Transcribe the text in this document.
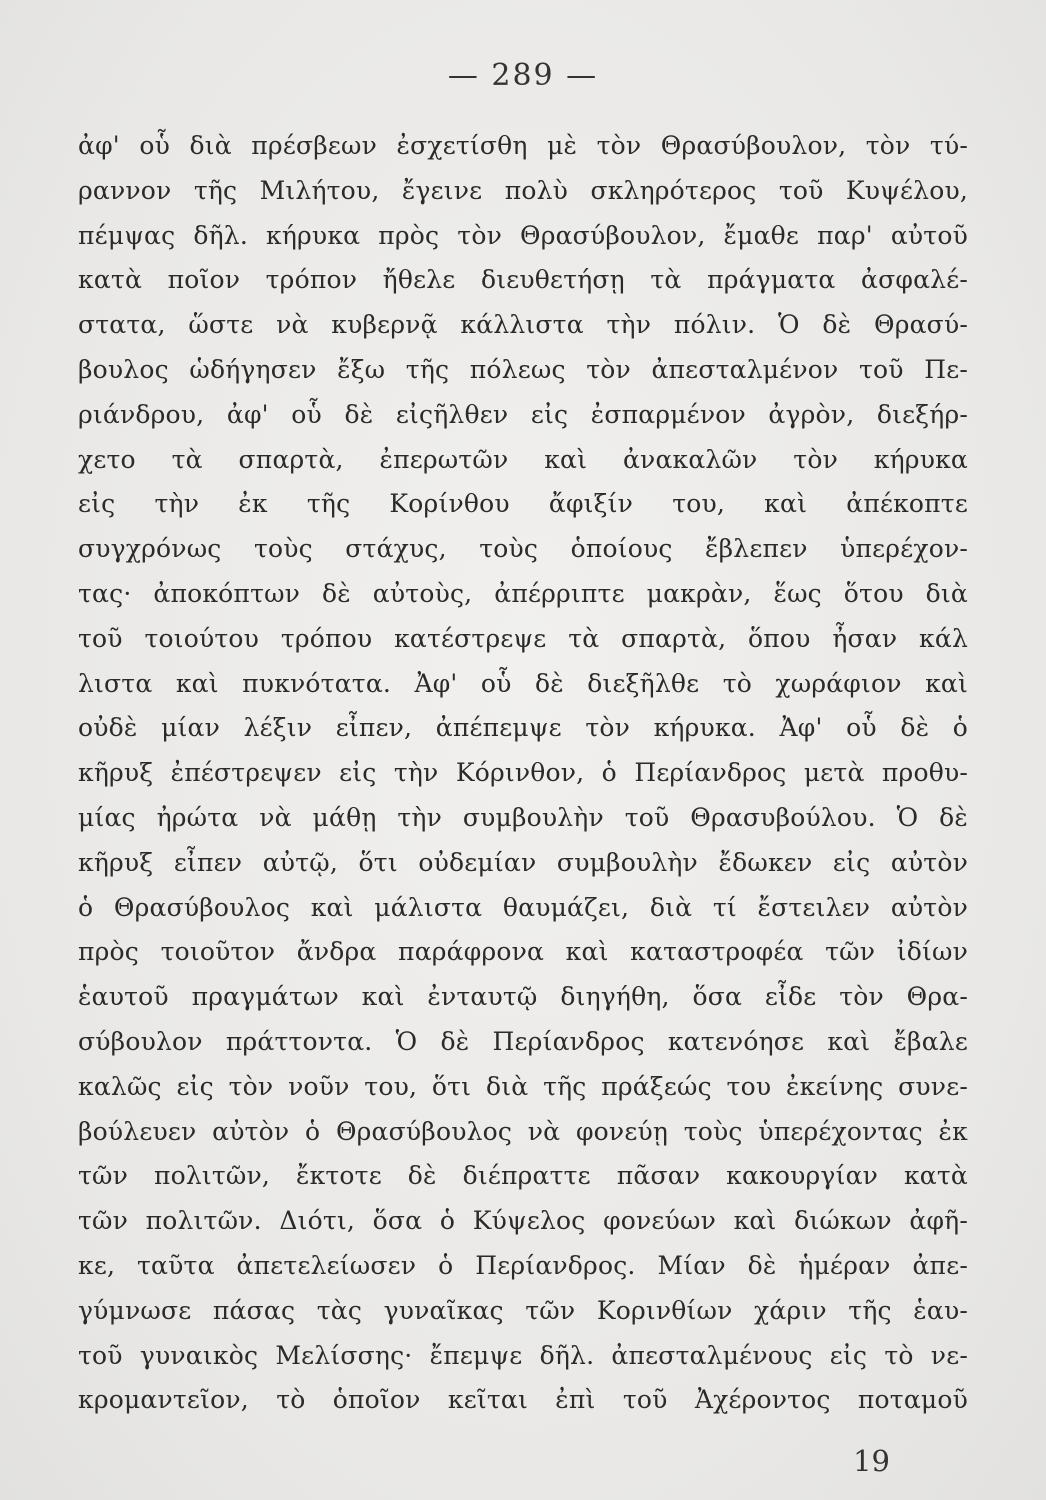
— 289 —
ἀφ' οὗ διὰ πρέσβεων ἐσχετίσθη μὲ τὸν Θρασύβουλον, τὸν τύ-
ραννον τῆς Μιλήτου, ἔγεινε πολὺ σκληρότερος τοῦ Κυψέλου,
πέμψας δῆλ. κήρυκα πρὸς τὸν Θρασύβουλον, ἔμαθε παρ' αὐτοῦ
κατὰ ποῖον τρόπον ἤθελε διευθετήσῃ τὰ πράγματα ἀσφαλέ-
στατα, ὥστε νὰ κυβερνᾷ κάλλιστα τὴν πόλιν. Ὁ δὲ Θρασύ-
βουλος ὡδήγησεν ἔξω τῆς πόλεως τὸν ἀπεσταλμένον τοῦ Πε-
ριάνδρου, ἀφ' οὗ δὲ εἰςῆλθεν εἰς ἐσπαρμένον ἀγρὸν, διεξήρ-
χετο τὰ σπαρτὰ, ἐπερωτῶν καὶ ἀνακαλῶν τὸν κήρυκα
εἰς τὴν ἐκ τῆς Κορίνθου ἄφιξίν του, καὶ ἀπέκοπτε
συγχρόνως τοὺς στάχυς, τοὺς ὁποίους ἔβλεπεν ὑπερέχον-
τας· ἀποκόπτων δὲ αὐτοὺς, ἀπέρριπτε μακρὰν, ἕως ὅτου διὰ
τοῦ τοιούτου τρόπου κατέστρεψε τὰ σπαρτὰ, ὅπου ἦσαν κάλ
λιστα καὶ πυκνότατα. Ἀφ' οὗ δὲ διεξῆλθε τὸ χωράφιον καὶ
οὐδὲ μίαν λέξιν εἶπεν, ἀπέπεμψε τὸν κήρυκα. Ἀφ' οὗ δὲ ὁ
κῆρυξ ἐπέστρεψεν εἰς τὴν Κόρινθον, ὁ Περίανδρος μετὰ προθυ-
μίας ἠρώτα νὰ μάθῃ τὴν συμβουλὴν τοῦ Θρασυβούλου. Ὁ δὲ
κῆρυξ εἶπεν αὐτῷ, ὅτι οὐδεμίαν συμβουλὴν ἔδωκεν εἰς αὐτὸν
ὁ Θρασύβουλος καὶ μάλιστα θαυμάζει, διὰ τί ἔστειλεν αὐτὸν
πρὸς τοιοῦτον ἄνδρα παράφρονα καὶ καταστροφέα τῶν ἰδίων
ἑαυτοῦ πραγμάτων καὶ ἐνταυτῷ διηγήθη, ὅσα εἶδε τὸν Θρα-
σύβουλον πράττοντα. Ὁ δὲ Περίανδρος κατενόησε καὶ ἔβαλε
καλῶς εἰς τὸν νοῦν του, ὅτι διὰ τῆς πράξεώς του ἐκείνης συνε-
βούλευεν αὐτὸν ὁ Θρασύβουλος νὰ φονεύῃ τοὺς ὑπερέχοντας ἐκ
τῶν πολιτῶν, ἔκτοτε δὲ διέπραττε πᾶσαν κακουργίαν κατὰ
τῶν πολιτῶν. Διότι, ὅσα ὁ Κύψελος φονεύων καὶ διώκων ἀφῆ-
κε, ταῦτα ἀπετελείωσεν ὁ Περίανδρος. Μίαν δὲ ἡμέραν ἀπε-
γύμνωσε πάσας τὰς γυναῖκας τῶν Κορινθίων χάριν τῆς ἑαυ-
τοῦ γυναικὸς Μελίσσης· ἔπεμψε δῆλ. ἀπεσταλμένους εἰς τὸ νε-
κρομαντεῖον, τὸ ὁποῖον κεῖται ἐπὶ τοῦ Ἀχέροντος ποταμοῦ
19
